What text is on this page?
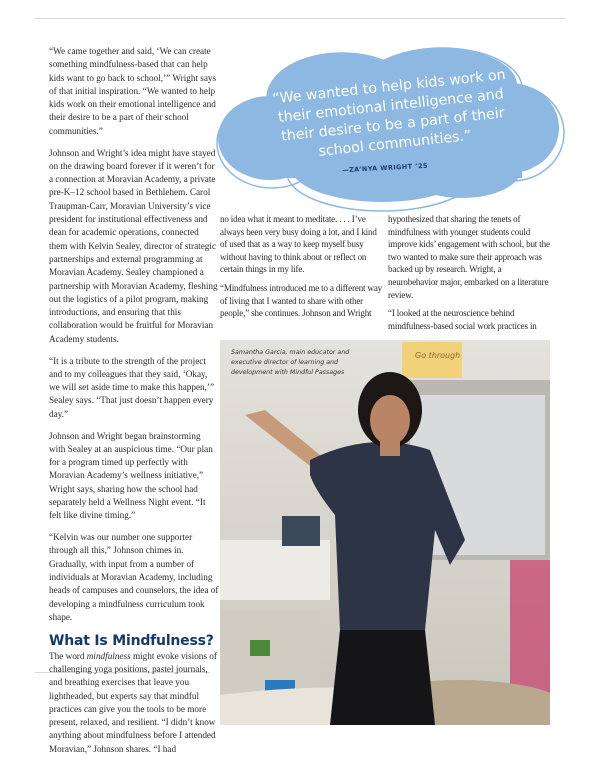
“We came together and said, ‘We can create something mindfulness-based that can help kids want to go back to school,’” Wright says of that initial inspiration. “We wanted to help kids work on their emotional intelligence and their desire to be a part of their school communities.”

Johnson and Wright’s idea might have stayed on the drawing board forever if it weren’t for a connection at Moravian Academy, a private pre-K–12 school based in Bethlehem. Carol Traupman-Carr, Moravian University’s vice president for institutional effectiveness and dean for academic operations, connected them with Kelvin Sealey, director of strategic partnerships and external programming at Moravian Academy. Sealey championed a partnership with Moravian Academy, fleshing out the logistics of a pilot program, making introductions, and ensuring that this collaboration would be fruitful for Moravian Academy students.

“It is a tribute to the strength of the project and to my colleagues that they said, ‘Okay, we will set aside time to make this happen,’” Sealey says. “That just doesn’t happen every day.”

Johnson and Wright began brainstorming with Sealey at an auspicious time. “Our plan for a program timed up perfectly with Moravian Academy’s wellness initiative,” Wright says, sharing how the school had separately held a Wellness Night event. “It felt like divine timing.”

“Kelvin was our number one supporter through all this,” Johnson chimes in. Gradually, with input from a number of individuals at Moravian Academy, including heads of campuses and counselors, the idea of developing a mindfulness curriculum took shape.

What Is Mindfulness?

The word mindfulness might evoke visions of challenging yoga positions, pastel journals, and breathing exercises that leave you lightheaded, but experts say that mindful practices can give you the tools to be more present, relaxed, and resilient. “I didn’t know anything about mindfulness before I attended Moravian,” Johnson shares. “I had

“We wanted to help kids work on their emotional intelligence and their desire to be a part of their school communities.”
—ZA’NYA WRIGHT ’25

no idea what it meant to meditate. . . . I’ve always been very busy doing a lot, and I kind of used that as a way to keep myself busy without having to think about or reflect on certain things in my life.

“Mindfulness introduced me to a different way of living that I wanted to share with other people,” she continues. Johnson and Wright

hypothesized that sharing the tenets of mindfulness with younger students could improve kids’ engagement with school, but the two wanted to make sure their approach was backed up by research. Wright, a neurobehavior major, embarked on a literature review.

“I looked at the neuroscience behind mindfulness-based social work practices in

Go through
Samantha Garcia, main educator and executive director of learning and development with Mindful Passages
